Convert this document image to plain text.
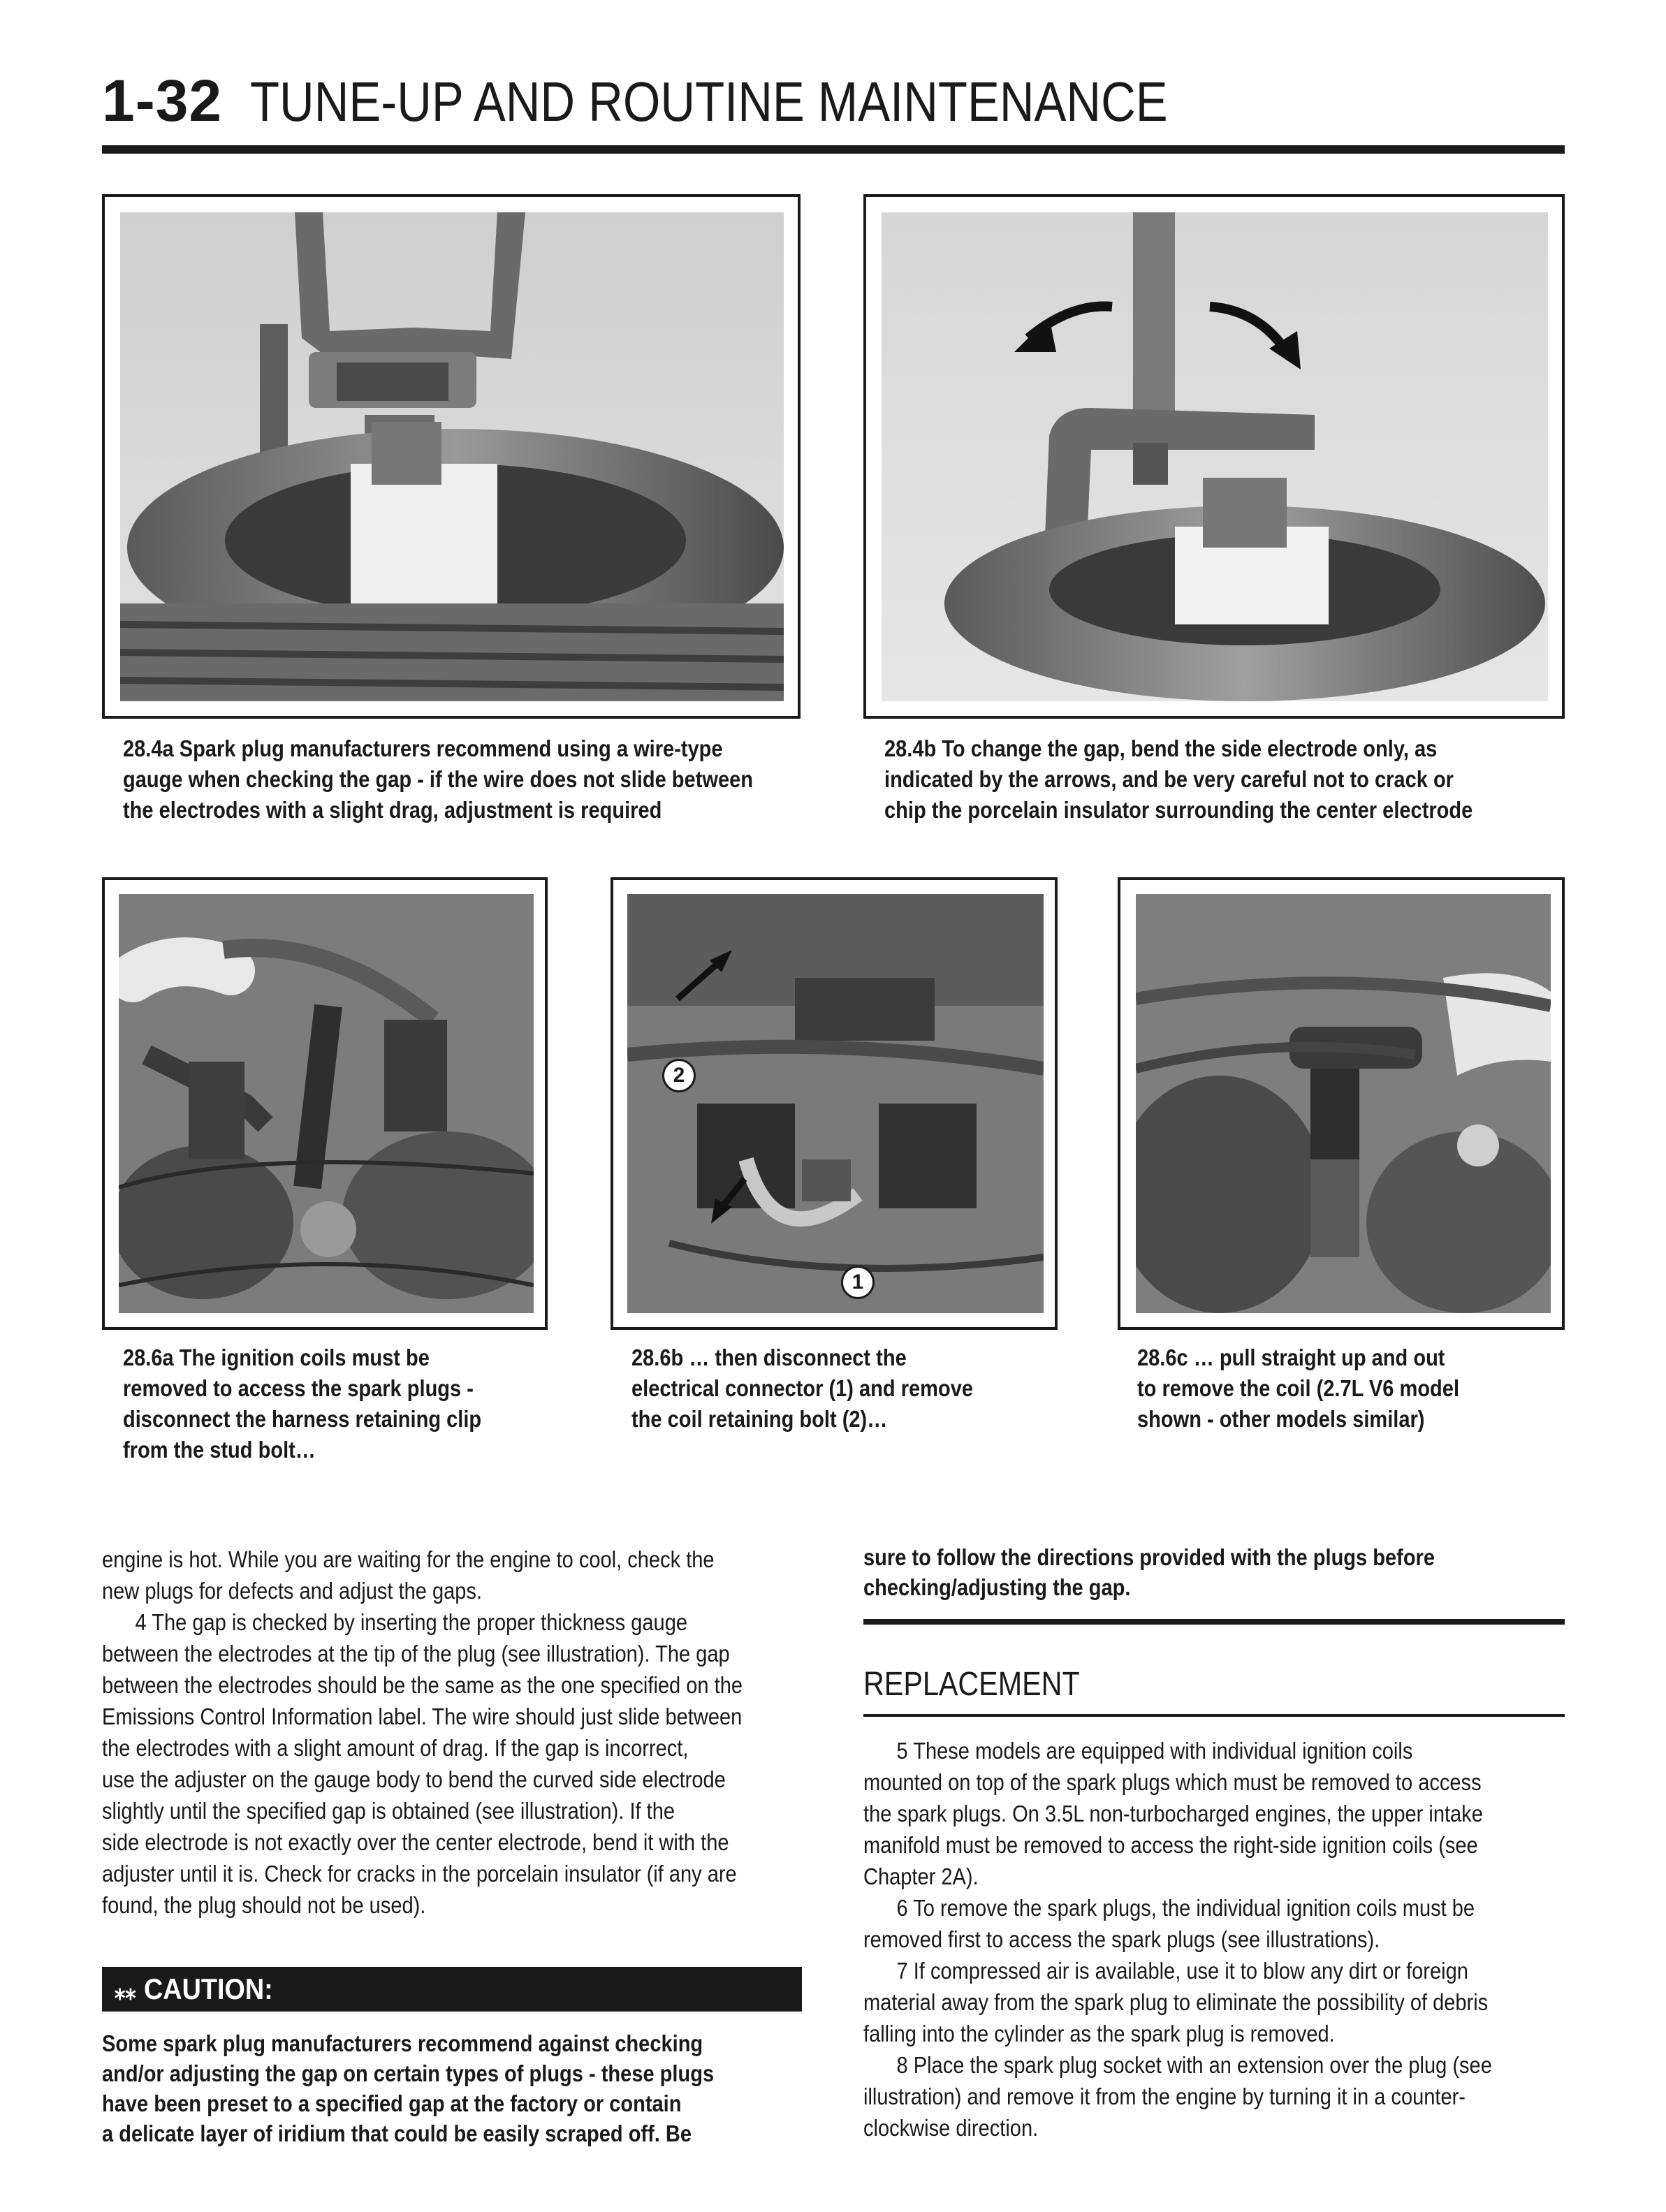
1-32 TUNE-UP AND ROUTINE MAINTENANCE
28.4a Spark plug manufacturers recommend using a wire-type
gauge when checking the gap - if the wire does not slide between
the electrodes with a slight drag, adjustment is required
28.4b To change the gap, bend the side electrode only, as
indicated by the arrows, and be very careful not to crack or
chip the porcelain insulator surrounding the center electrode
28.6a The ignition coils must be
removed to access the spark plugs -
disconnect the harness retaining clip
from the stud bolt…
2
1
28.6b … then disconnect the
electrical connector (1) and remove
the coil retaining bolt (2)…
28.6c … pull straight up and out
to remove the coil (2.7L V6 model
shown - other models similar)

engine is hot. While you are waiting for the engine to cool, check the

new plugs for defects and adjust the gaps.

4 The gap is checked by inserting the proper thickness gauge

between the electrodes at the tip of the plug (see illustration). The gap

between the electrodes should be the same as the one specified on the

Emissions Control Information label. The wire should just slide between

the electrodes with a slight amount of drag. If the gap is incorrect,

use the adjuster on the gauge body to bend the curved side electrode

slightly until the specified gap is obtained (see illustration). If the

side electrode is not exactly over the center electrode, bend it with the

adjuster until it is. Check for cracks in the porcelain insulator (if any are

found, the plug should not be used).

⁎⁎ CAUTION:

Some spark plug manufacturers recommend against checking

and/or adjusting the gap on certain types of plugs - these plugs

have been preset to a specified gap at the factory or contain

a delicate layer of iridium that could be easily scraped off. Be

sure to follow the directions provided with the plugs before

checking/adjusting the gap.

REPLACEMENT

5 These models are equipped with individual ignition coils

mounted on top of the spark plugs which must be removed to access

the spark plugs. On 3.5L non-turbocharged engines, the upper intake

manifold must be removed to access the right-side ignition coils (see

Chapter 2A).

6 To remove the spark plugs, the individual ignition coils must be

removed first to access the spark plugs (see illustrations).

7 If compressed air is available, use it to blow any dirt or foreign

material away from the spark plug to eliminate the possibility of debris

falling into the cylinder as the spark plug is removed.

8 Place the spark plug socket with an extension over the plug (see

illustration) and remove it from the engine by turning it in a counter-

clockwise direction.
